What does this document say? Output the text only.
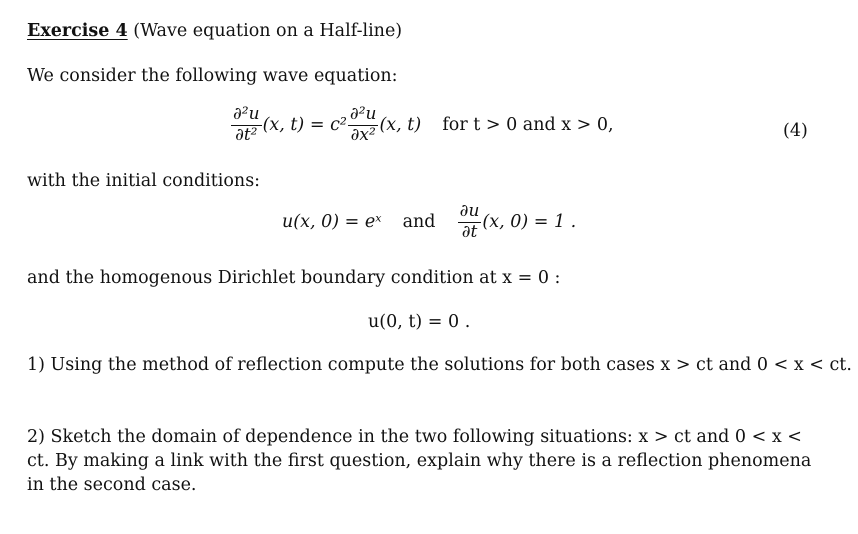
Exercise 4 (Wave equation on a Half-line)
We consider the following wave equation:
$\frac{\text{∂²u}}{\text{∂t²}} (x$, $t) = c^2 \frac{\text{∂²u}}{\text{∂x²}} (x$, t) for t > 0 and x > 0,	(4)
with the initial conditions:
u(x, 0) = eˣ and $\frac{\partial u}{\partial t} (x$, 0) = 1 .
and the homogenous Dirichlet boundary condition at x = 0 :
u(0, t) = 0 .
1) Using the method of reflection compute the solutions for both cases x > ct and 0 < x < ct.

2) Sketch the domain of dependence in the two following situations: x > ct and 0 < x < ct. By making a link with the first question, explain why there is a reflection phenomena in the second case.
